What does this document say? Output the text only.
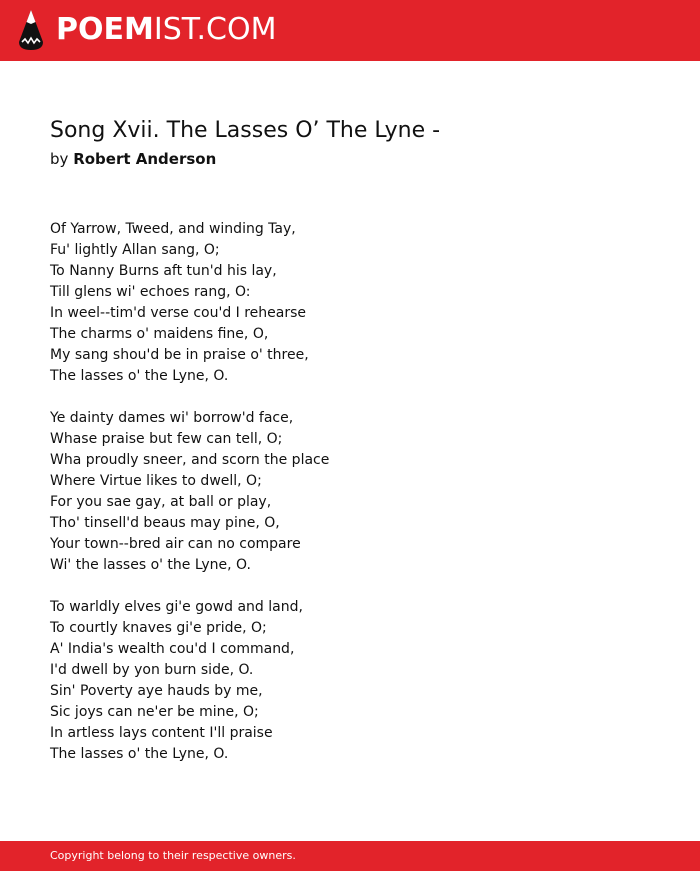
POEMIST.COM
Song Xvii. The Lasses O’ The Lyne -
by Robert Anderson
Of Yarrow, Tweed, and winding Tay,
Fu' lightly Allan sang, O;
To Nanny Burns aft tun'd his lay,
Till glens wi' echoes rang, O:
In weel--tim'd verse cou'd I rehearse
The charms o' maidens fine, O,
My sang shou'd be in praise o' three,
The lasses o' the Lyne, O.
Ye dainty dames wi' borrow'd face,
Whase praise but few can tell, O;
Wha proudly sneer, and scorn the place
Where Virtue likes to dwell, O;
For you sae gay, at ball or play,
Tho' tinsell'd beaus may pine, O,
Your town--bred air can no compare
Wi' the lasses o' the Lyne, O.
To warldly elves gi'e gowd and land,
To courtly knaves gi'e pride, O;
A' India's wealth cou'd I command,
I'd dwell by yon burn side, O.
Sin' Poverty aye hauds by me,
Sic joys can ne'er be mine, O;
In artless lays content I'll praise
The lasses o' the Lyne, O.
Copyright belong to their respective owners.
